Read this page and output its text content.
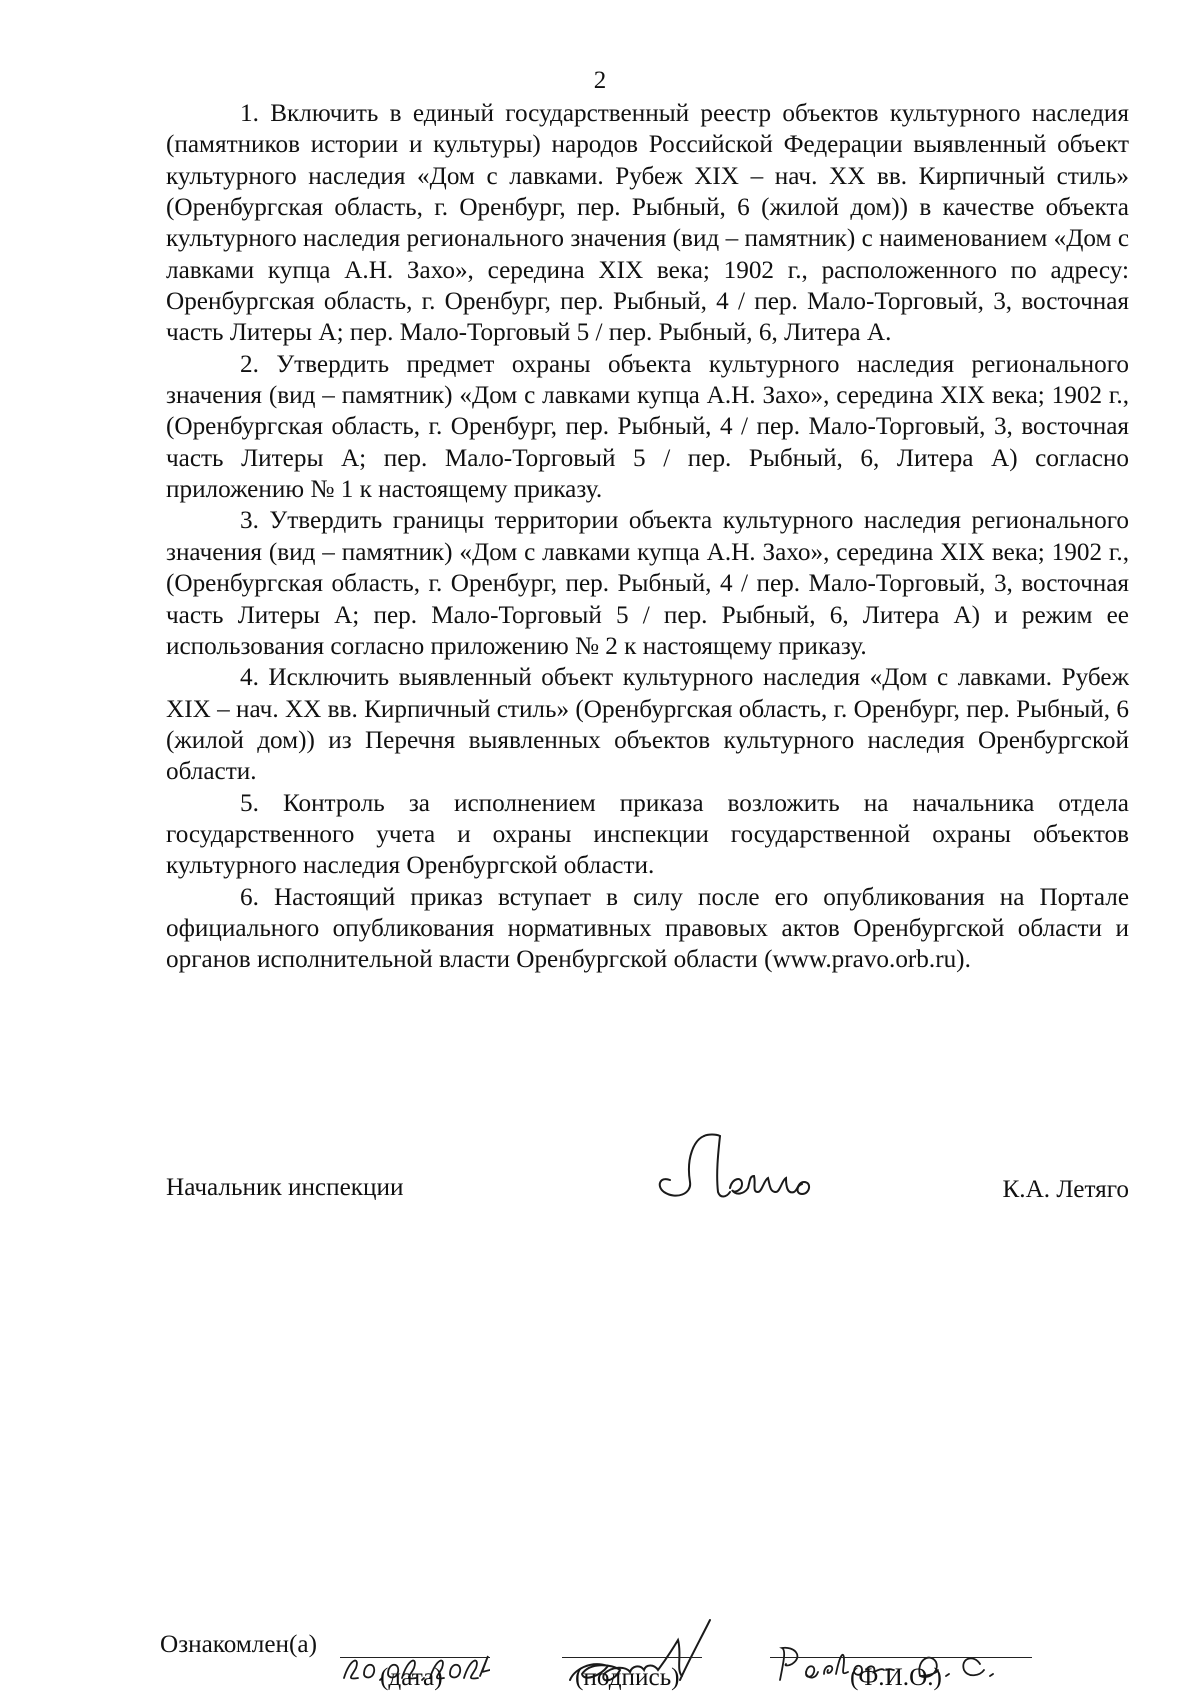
2

1. Включить в единый государственный реестр объектов культурного наследия (памятников истории и культуры) народов Российской Федерации выявленный объект культурного наследия «Дом с лавками. Рубеж XIX – нач. XX вв. Кирпичный стиль» (Оренбургская область, г. Оренбург, пер. Рыбный, 6 (жилой дом)) в качестве объекта культурного наследия регионального значения (вид – памятник) с наименованием «Дом с лавками купца А.Н. Захо», середина XIX века; 1902 г., расположенного по адресу: Оренбургская область, г. Оренбург, пер. Рыбный, 4 / пер. Мало-Торговый, 3, восточная часть Литеры А; пер. Мало-Торговый 5 / пер. Рыбный, 6, Литера А.

2. Утвердить предмет охраны объекта культурного наследия регионального значения (вид – памятник) «Дом с лавками купца А.Н. Захо», середина XIX века; 1902 г., (Оренбургская область, г. Оренбург, пер. Рыбный, 4 / пер. Мало-Торговый, 3, восточная часть Литеры А; пер. Мало-Торговый 5 / пер. Рыбный, 6, Литера А) согласно приложению № 1 к настоящему приказу.

3. Утвердить границы территории объекта культурного наследия регионального значения (вид – памятник) «Дом с лавками купца А.Н. Захо», середина XIX века; 1902 г., (Оренбургская область, г. Оренбург, пер. Рыбный, 4 / пер. Мало-Торговый, 3, восточная часть Литеры А; пер. Мало-Торговый 5 / пер. Рыбный, 6, Литера А) и режим ее использования согласно приложению № 2 к настоящему приказу.

4. Исключить выявленный объект культурного наследия «Дом с лавками. Рубеж XIX – нач. XX вв. Кирпичный стиль» (Оренбургская область, г. Оренбург, пер. Рыбный, 6 (жилой дом)) из Перечня выявленных объектов культурного наследия Оренбургской области.

5. Контроль за исполнением приказа возложить на начальника отдела государственного учета и охраны инспекции государственной охраны объектов культурного наследия Оренбургской области.

6. Настоящий приказ вступает в силу после его опубликования на Портале официального опубликования нормативных правовых актов Оренбургской области и органов исполнительной власти Оренбургской области (www.pravo.orb.ru).

Начальник инспекции	К.А. Летяго
Ознакомлен(а)
(дата)	(подпись)	(Ф.И.О.)
